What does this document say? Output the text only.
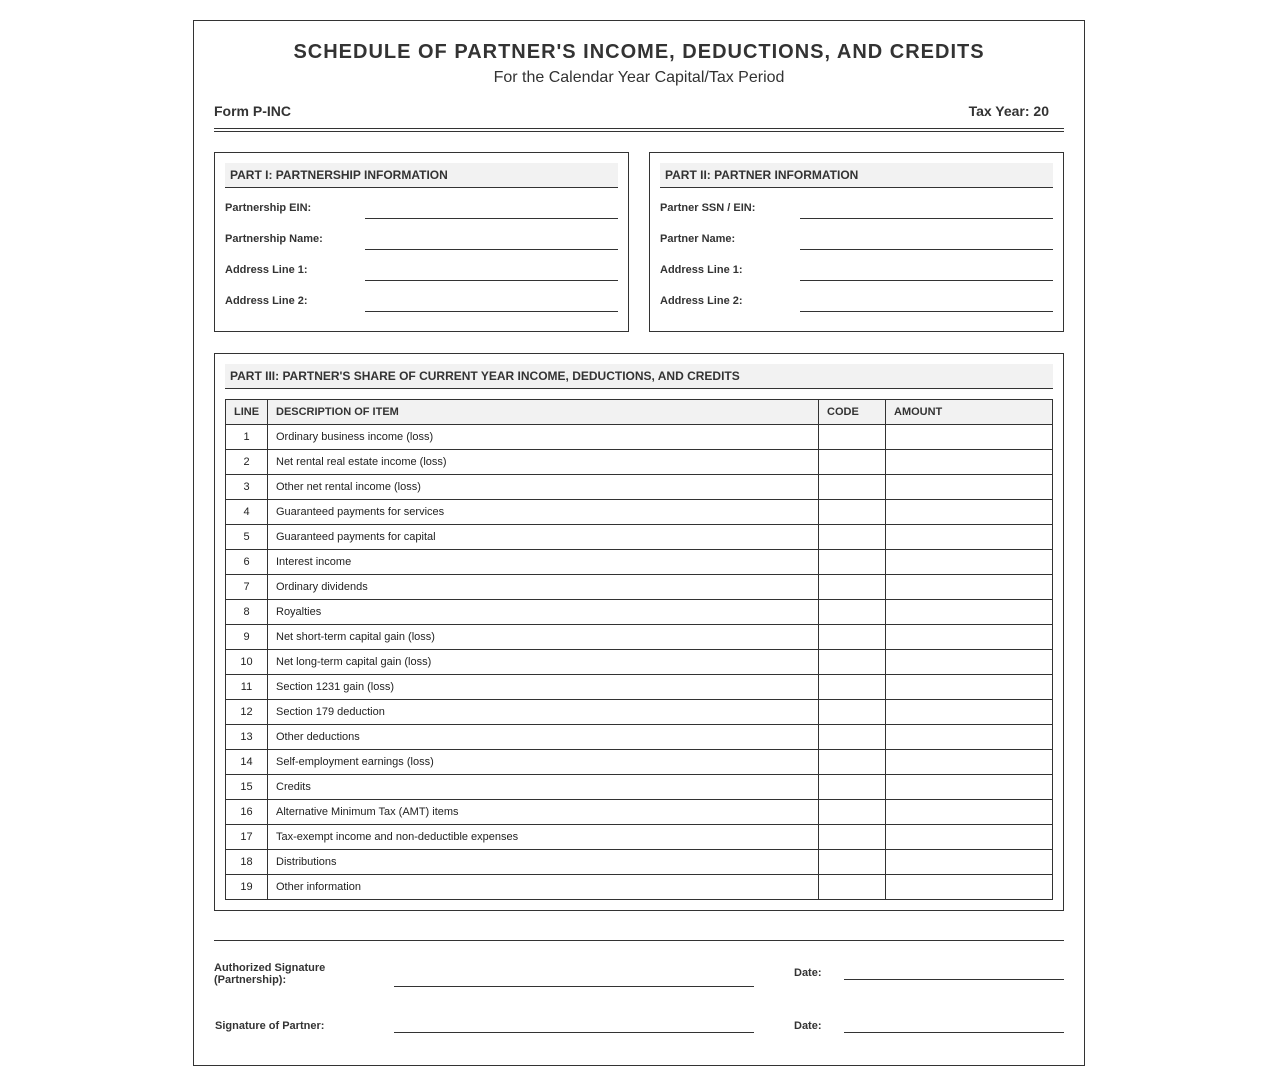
SCHEDULE OF PARTNER'S INCOME, DEDUCTIONS, AND CREDITS
For the Calendar Year Capital/Tax Period
Form P-INC	Tax Year: 20
PART I: PARTNERSHIP INFORMATION
Partnership EIN:
Partnership Name:
Address Line 1:
Address Line 2:
PART II: PARTNER INFORMATION
Partner SSN / EIN:
Partner Name:
Address Line 1:
Address Line 2:
PART III: PARTNER'S SHARE OF CURRENT YEAR INCOME, DEDUCTIONS, AND CREDITS
LINE	DESCRIPTION OF ITEM	CODE	AMOUNT
1	Ordinary business income (loss)		
2	Net rental real estate income (loss)		
3	Other net rental income (loss)		
4	Guaranteed payments for services		
5	Guaranteed payments for capital		
6	Interest income		
7	Ordinary dividends		
8	Royalties		
9	Net short-term capital gain (loss)		
10	Net long-term capital gain (loss)		
11	Section 1231 gain (loss)		
12	Section 179 deduction		
13	Other deductions		
14	Self-employment earnings (loss)		
15	Credits		
16	Alternative Minimum Tax (AMT) items		
17	Tax-exempt income and non-deductible expenses		
18	Distributions		
19	Other information		
Authorized Signature
(Partnership):
Date:
Signature of Partner:	Date:
